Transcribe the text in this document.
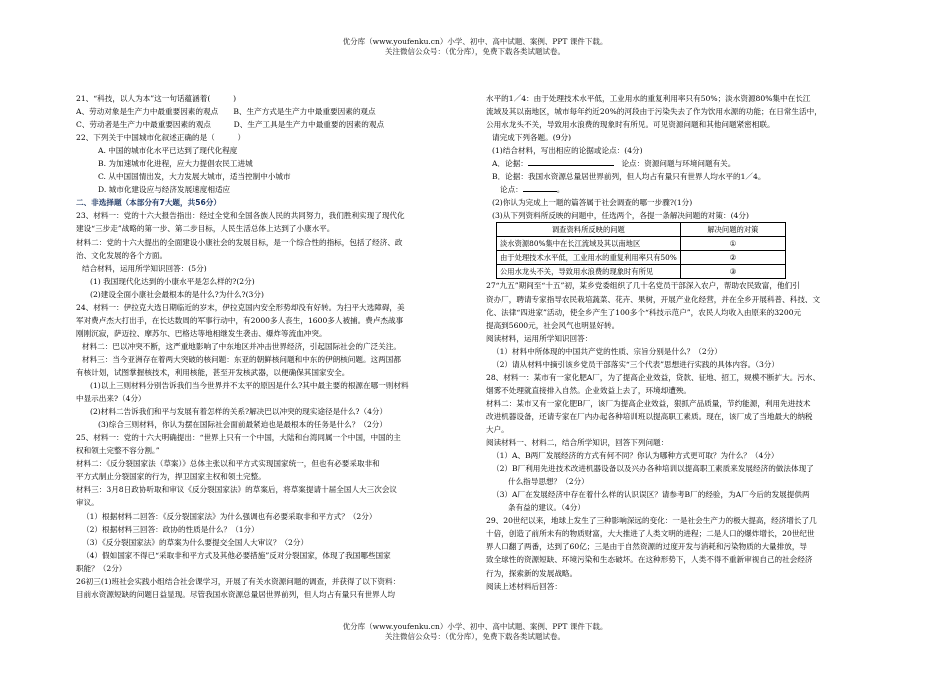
优分库（www.youfenku.cn）小学、初中、高中试题、案例、PPT 课件下载。
关注微信公众号：（优分库），免费下载各类试题试卷。

21、“科技，以人为本”这一句话蕴涵着(　　　)

A、劳动对象是生产力中最重要因素的观点　　B、生产方式是生产力中最重要因素的观点

C、劳动者是生产力中最重要因素的观点　　　D、生产工具是生产力中最重要的因素的观点

22、下列关于中国城市化叙述正确的是（　　　）

A. 中国的城市化水平已达到了现代化程度

B. 为加速城市化进程，应大力提倡农民工进城

C. 从中国国情出发，大力发展大城市，适当控制中小城市

D. 城市化建设应与经济发展速度相适应

二、非选择题（本部分有7大题，共56分）

23、材料一：党的十六大报告指出：经过全党和全国各族人民的共同努力，我们胜利实现了现代化

建设“三步走”战略的第一步、第二步目标，人民生活总体上达到了小康水平。

材料二：党的十六大提出的全面建设小康社会的发展目标，是一个综合性的指标，包括了经济、政

治、文化发展的各个方面。

结合材料，运用所学知识回答：(5分)

(1) 我国现代化达到的小康水平是怎么样的?(2分)

(2)建设全面小康社会最根本的是什么?为什么?(3分)

24、材料一：伊拉克大选日期临近的岁末，伊拉克国内安全形势却没有好转。为扫平大选障碍，美

军对费卢杰大打出手，在长达数周的军事行动中，有2000多人丧生，1600多人被捕。费卢杰战事

刚刚沉寂，萨迈拉、摩苏尔、巴格达等地相继发生袭击、爆炸等流血冲突。

材料二：巴以冲突不断，这严重地影响了中东地区并冲击世界经济，引起国际社会的广泛关注。

材料三：当今亚洲存在着两大突破的核问题：东亚的朝鲜核问题和中东的伊朗核问题。这两国都

有核计划，试图掌握核技术，利用核能，甚至开发核武器，以便确保其国家安全。

(1)以上三则材料分别告诉我们当今世界并不太平的原因是什么?其中最主要的根源在哪一则材料

中显示出来?（4分）

(2)材料二告诉我们和平与发展有着怎样的关系?解决巴以冲突的现实途径是什么?（4分）

(3)综合三则材料，你认为摆在国际社会面前最紧迫也是最根本的任务是什么？（2分）

25、材料一：党的十六大明确提出：“世界上只有一个中国，大陆和台湾同属一个中国，中国的主

权和领土完整不容分割。”

材料二：《反分裂国家法（草案）》总体主张以和平方式实现国家统一，但也有必要采取非和

平方式制止分裂国家的行为，捍卫国家主权和领土完整。

材料三：3月8日政协听取和审议《反分裂国家法》的草案后，将草案提请十届全国人大三次会议

审议。

（1）根据材料二回答：《反分裂国家法》为什么强调也有必要采取非和平方式？（2分）

（2）根据材料三回答：政协的性质是什么？（1分）

（3）《反分裂国家法》的草案为什么要提交全国人大审议？（2分）

（4）假如国家不得已“采取非和平方式及其他必要措施”反对分裂国家，体现了我国哪些国家

职能？（2分）

26初三(1)班社会实践小组结合社会课学习，开展了有关水资源问题的调查，并获得了以下资料：

目前水资源短缺的问题日益显现。尽管我国水资源总量居世界前列，但人均占有量只有世界人均

水平的1／4：由于处理技术水平低，工业用水的重复利用率只有50%；淡水资源80%集中在长江

流域及其以南地区，城市每年约近20%的河段由于污染失去了作为饮用水源的功能；在日常生活中，

公用水龙头不关，导致用水浪费的现象时有所见。可见资源问题和其他问题紧密相联。

请完成下列各题。(9分)

(1)结合材料，写出相应的论据或论点：(4分)

A．论据：　	论点：资源问题与环境问题有关。

B．论据：我国水资源总量居世界前列，但人均占有量只有世界人均水平的1／4。

论点：	。

(2)你认为完成上一题的篇答属于社会调查的哪一步骤?(1分)

(3)从下列资料所反映的问题中，任选两个，各提一条解决问题的对策：(4分)

调查资料所反映的问题	解决问题的对策
淡水资源80%集中在长江流域及其以南地区	①
由于处理技术水平低，工业用水的重复利用率只有50%	②
公用水龙头不关，导致用水浪费的现象时有所见	③

27“九五”期间至“十五”初，某乡党委组织了几十名党员干部深入农户，帮助农民致富，他们引

资办厂，聘请专家指导农民栽培蔬菜、花卉、果树，开展产业化经营，并在全乡开展科普、科技、文

化、法律“四进家”活动，使全乡产生了100多个“科技示范户”，农民人均收入由原来的3200元

提高到5600元，社会风气也明显好转。

阅读材料，运用所学知识回答：

（1）材料中所体现的中国共产党的性质、宗旨分别是什么？（2分）

（2）请从材料中摘引该乡党员干部落实“三个代表”思想进行实践的具体内容。（3分）

28、材料一：某市有一家化肥A厂，为了提高企业效益，贷款、征地、招工，规模不断扩大。污水、

烟雾不处理就直接排入自然。企业效益上去了，环境却遭殃。

材料二：某市又有一家化肥B厂，该厂为提高企业效益，狠抓产品质量，节约能源，利用先进技术

改进机器设备，还请专家在厂内办起各种培训班以提高职工素质。现在，该厂成了当地最大的纳税

大户。

阅读材料一、材料二，结合所学知识，回答下列问题：

（1）A、B两厂发展经济的方式有何不同？你认为哪种方式更可取？为什么？（4分）

（2）B厂利用先进技术改进机器设备以及兴办各种培训以提高职工素质来发展经济的做法体现了

什么指导思想？（2分）

（3）A厂在发展经济中存在着什么样的认识误区？请参考B厂的经验，为A厂今后的发展提供两

条有益的建议。（4分）

29、20世纪以来，地球上发生了三种影响深远的变化：一是社会生产力的极大提高，经济增长了几

十倍，创造了前所未有的物质财富，大大推进了人类文明的进程；二是人口的爆炸增长，20世纪世

界人口翻了两番，达到了60亿；三是由于自然资源的过度开发与消耗和污染物质的大量排放，导

致全球性的资源短缺、环境污染和生态破坏。在这种形势下，人类不得不重新审视自己的社会经济

行为，探索新的发展战略。

阅读上述材料后回答：

优分库（www.youfenku.cn）小学、初中、高中试题、案例、PPT 课件下载。
关注微信公众号：（优分库），免费下载各类试题试卷。
